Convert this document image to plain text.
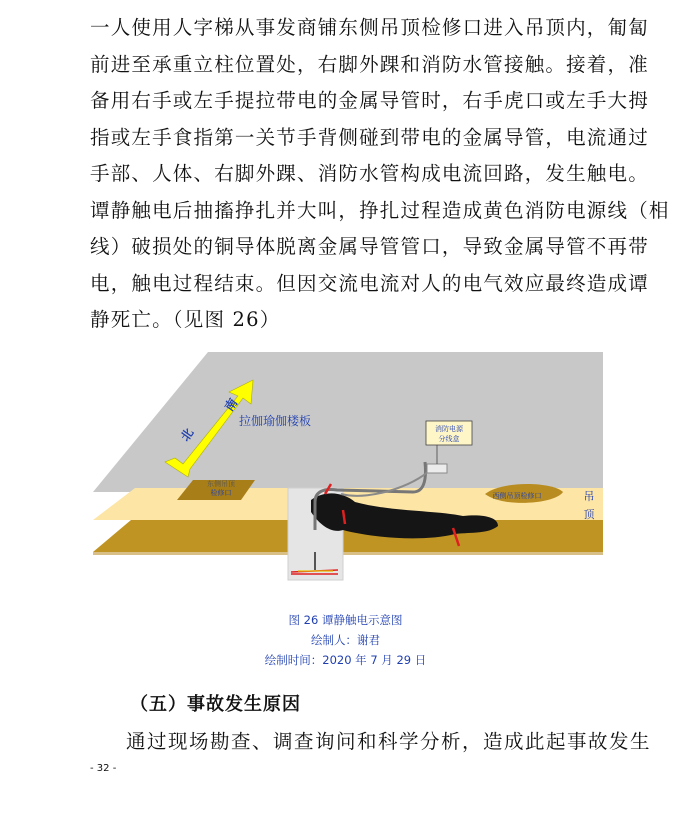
一人使用人字梯从事发商铺东侧吊顶检修口进入吊顶内，匍匐
前进至承重立柱位置处，右脚外踝和消防水管接触。接着，准
备用右手或左手提拉带电的金属导管时，右手虎口或左手大拇
指或左手食指第一关节手背侧碰到带电的金属导管，电流通过
手部、人体、右脚外踝、消防水管构成电流回路，发生触电。
谭静触电后抽搐挣扎并大叫，挣扎过程造成黄色消防电源线（相
线）破损处的铜导体脱离金属导管管口，导致金属导管不再带
电，触电过程结束。但因交流电流对人的电气效应最终造成谭
静死亡。（见图 26）
消防电源
分线盒
南
北
拉伽瑜伽楼板
东侧吊顶
检修口	西侧吊顶检修口	吊
顶
图 26 谭静触电示意图
绘制人：谢君
绘制时间：2020 年 7 月 29 日
（五）事故发生原因

通过现场勘查、调查询问和科学分析，造成此起事故发生

- 32 -
